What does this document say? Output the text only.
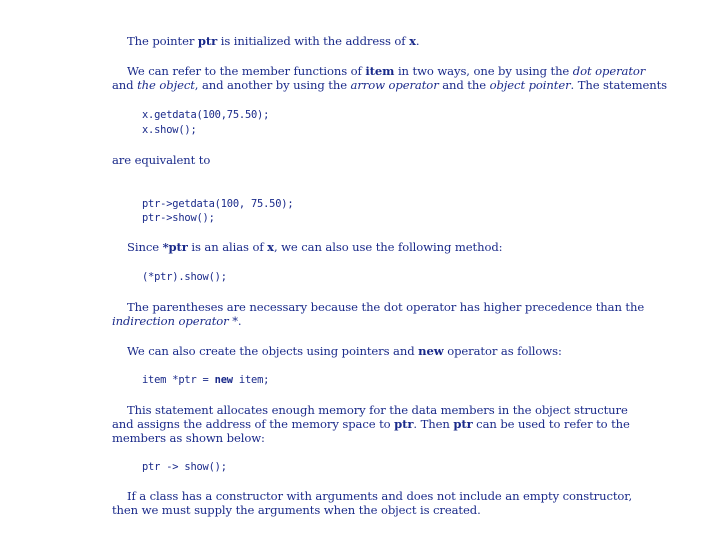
The pointer ptr is initialized with the address of x.
We can refer to the member functions of item in two ways, one by using the dot operator
and the object, and another by using the arrow operator and the object pointer. The statements
x.getdata(100,75.50);
x.show();
are equivalent to
ptr->getdata(100, 75.50);
ptr->show();
Since *ptr is an alias of x, we can also use the following method:
(*ptr).show();
The parentheses are necessary because the dot operator has higher precedence than the
indirection operator *.
We can also create the objects using pointers and new operator as follows:
item *ptr = new item;
This statement allocates enough memory for the data members in the object structure
and assigns the address of the memory space to ptr. Then ptr can be used to refer to the
members as shown below:
ptr -> show();
If a class has a constructor with arguments and does not include an empty constructor,
then we must supply the arguments when the object is created.
